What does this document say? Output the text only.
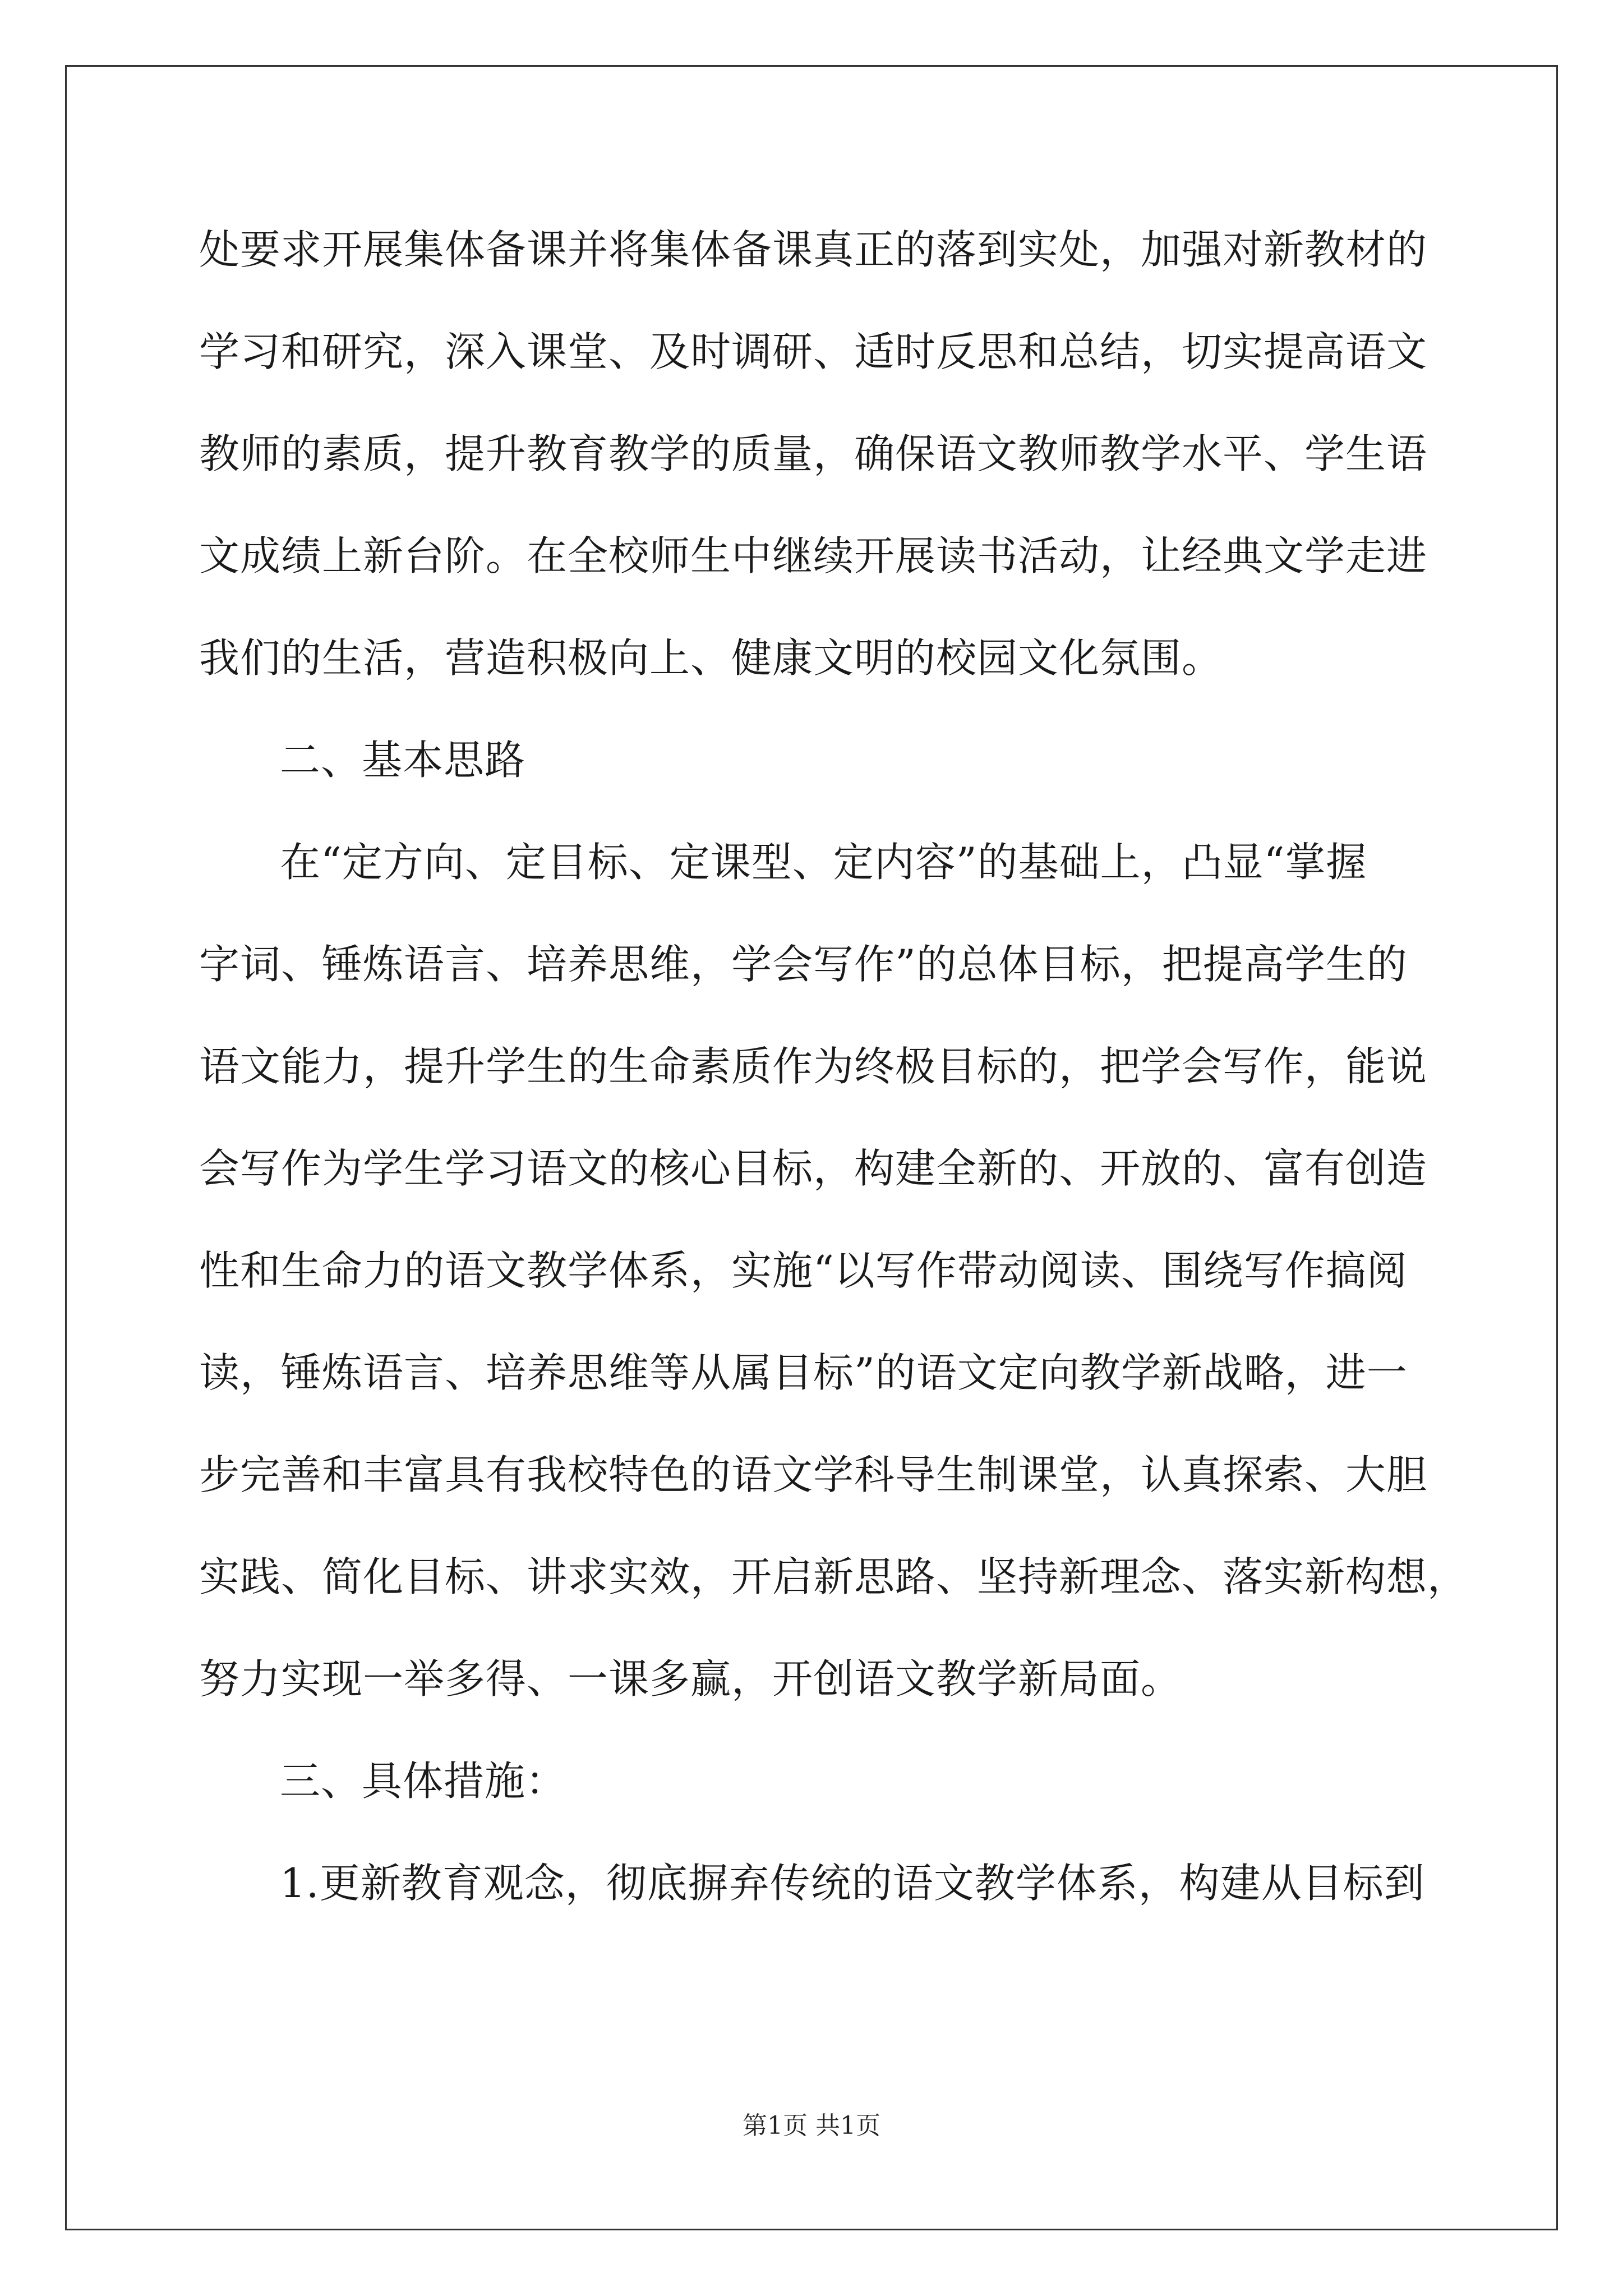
处要求开展集体备课并将集体备课真正的落到实处，加强对新教材的
学习和研究，深入课堂、及时调研、适时反思和总结，切实提高语文
教师的素质，提升教育教学的质量，确保语文教师教学水平、学生语
文成绩上新台阶。在全校师生中继续开展读书活动，让经典文学走进
我们的生活，营造积极向上、健康文明的校园文化氛围。
二、基本思路
在“定方向、定目标、定课型、定内容”的基础上，凸显“掌握
字词、锤炼语言、培养思维，学会写作”的总体目标，把提高学生的
语文能力，提升学生的生命素质作为终极目标的，把学会写作，能说
会写作为学生学习语文的核心目标，构建全新的、开放的、富有创造
性和生命力的语文教学体系，实施“以写作带动阅读、围绕写作搞阅
读，锤炼语言、培养思维等从属目标”的语文定向教学新战略，进一
步完善和丰富具有我校特色的语文学科导生制课堂，认真探索、大胆
实践、简化目标、讲求实效，开启新思路、坚持新理念、落实新构想，
努力实现一举多得、一课多赢，开创语文教学新局面。
三、具体措施：
1.更新教育观念，彻底摒弃传统的语文教学体系，构建从目标到
第1页 共1页
